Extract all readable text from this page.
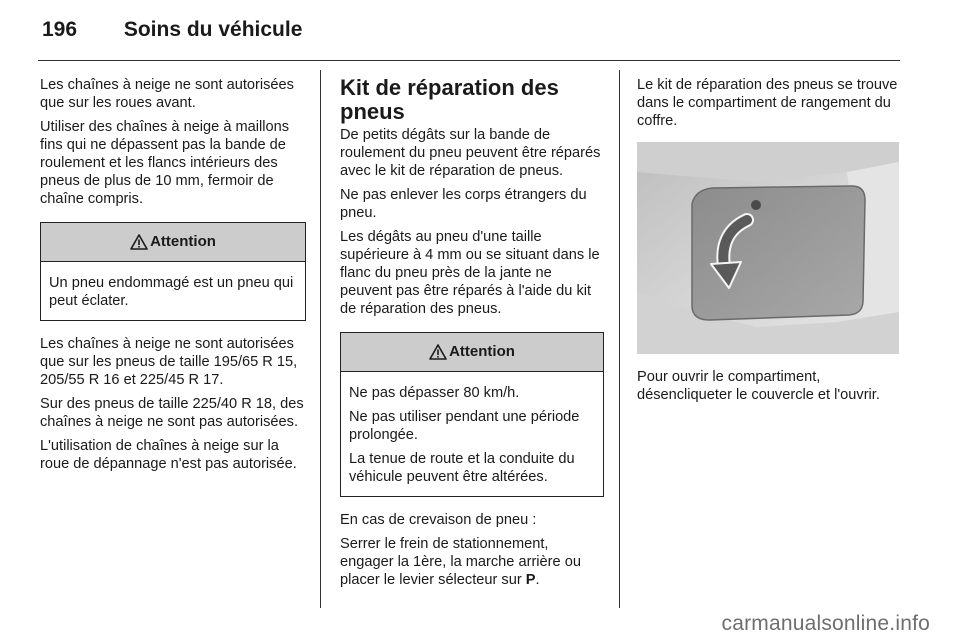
196 Soins du véhicule

Les chaînes à neige ne sont autorisées que sur les roues avant.

Utiliser des chaînes à neige à maillons fins qui ne dépassent pas la bande de roulement et les flancs intérieurs des pneus de plus de 10 mm, fermoir de chaîne compris.

Attention

Un pneu endommagé est un pneu qui peut éclater.

Les chaînes à neige ne sont autorisées que sur les pneus de taille 195/65 R 15, 205/55 R 16 et 225/45 R 17.

Sur des pneus de taille 225/40 R 18, des chaînes à neige ne sont pas autorisées.

L'utilisation de chaînes à neige sur la roue de dépannage n'est pas autorisée.

Kit de réparation des pneus

De petits dégâts sur la bande de roulement du pneu peuvent être réparés avec le kit de réparation de pneus.

Ne pas enlever les corps étrangers du pneu.

Les dégâts au pneu d'une taille supérieure à 4 mm ou se situant dans le flanc du pneu près de la jante ne peuvent pas être réparés à l'aide du kit de réparation des pneus.

Attention

Ne pas dépasser 80 km/h.

Ne pas utiliser pendant une période prolongée.

La tenue de route et la conduite du véhicule peuvent être altérées.

En cas de crevaison de pneu :

Serrer le frein de stationnement, engager la 1ère, la marche arrière ou placer le levier sélecteur sur P.

Le kit de réparation des pneus se trouve dans le compartiment de rangement du coffre.

Pour ouvrir le compartiment, désencliqueter le couvercle et l'ouvrir.

carmanualsonline.info
